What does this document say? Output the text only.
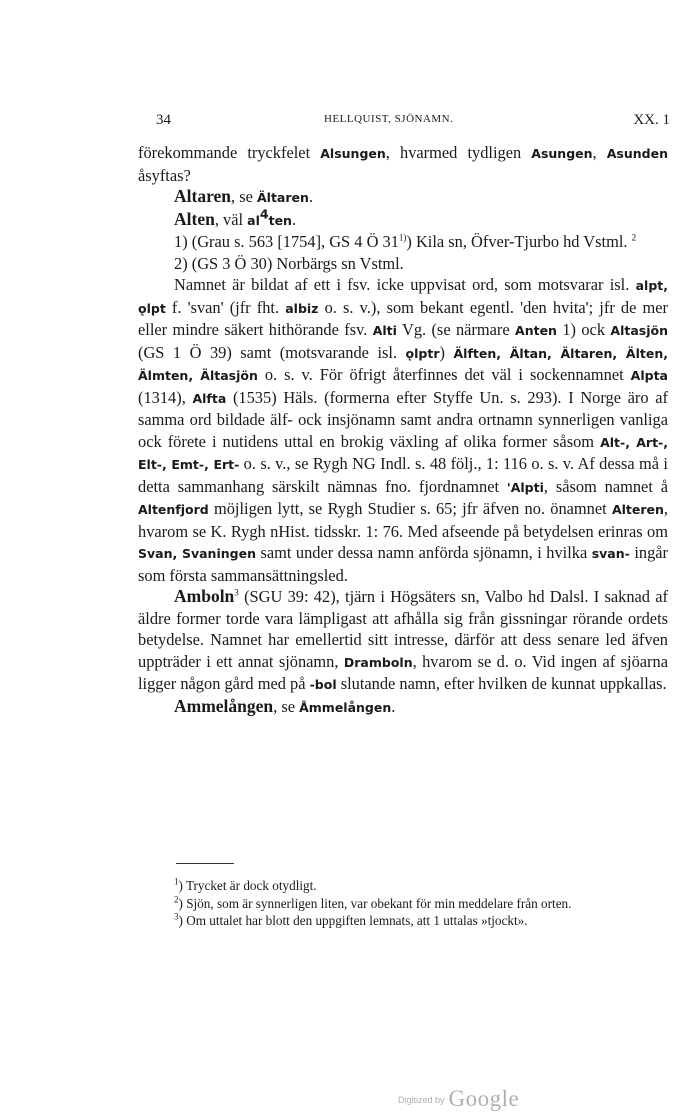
34	HELLQUIST, SJÖNAMN.	XX. 1

förekommande tryckfelet Alsungen, hvarmed tydligen Asungen, Asunden åsyftas?

Altaren, se Ältaren.

Alten, väl $al^4ten$.

1) (Grau s. 563 [1754], GS 4 Ö 31$^{1)}$) Kila sn, Öfver-Tjurbo hd Vstml. $^2$

2) (GS 3 Ö 30) Norbärgs sn Vstml.

Namnet är bildat af ett i fsv. icke uppvisat ord, som motsvarar isl. alpt, ǫlpt f. 'svan' (jfr fht. albiz o. s. v.), som bekant egentl. 'den hvita'; jfr de mer eller mindre säkert hithörande fsv. Alti Vg. (se närmare Anten 1) ock Altasjön (GS 1 Ö 39) samt (motsvarande isl. ǫlptr) Älften, Ältan, Ältaren, Älten, Älmten, Ältasjön o. s. v. För öfrigt återfinnes det väl i sockennamnet Alpta (1314), Alfta (1535) Häls. (formerna efter Styffe Un. s. 293). I Norge äro af samma ord bildade älf- ock insjönamn samt andra ortnamn synnerligen vanliga ock förete i nutidens uttal en brokig växling af olika former såsom Alt-, Art-, Elt-, Emt-, Ert- o. s. v., se Rygh NG Indl. s. 48 följ., 1: 116 o. s. v. Af dessa må i detta sammanhang särskilt nämnas fno. fjordnamnet 'Alpti, såsom namnet å Altenfjord möjligen lytt, se Rygh Studier s. 65; jfr äfven no. önamnet Alteren, hvarom se K. Rygh nHist. tidsskr. 1: 76. Med afseende på betydelsen erinras om Svan, Svaningen samt under dessa namn anförda sjönamn, i hvilka svan- ingår som första sammansättningsled.

Amboln$^3$ (SGU 39: 42), tjärn i Högsäters sn, Valbo hd Dalsl. I saknad af äldre former torde vara lämpligast att afhålla sig från gissningar rörande ordets betydelse. Namnet har emellertid sitt intresse, därför att dess senare led äfven uppträder i ett annat sjönamn, Dramboln, hvarom se d. o. Vid ingen af sjöarna ligger någon gård med på -bol slutande namn, efter hvilken de kunnat uppkallas.

Ammelången, se Åmmelången.

$^1$) Trycket är dock otydligt.

$^2$) Sjön, som är synnerligen liten, var obekant för min meddelare från orten.

$^3$) Om uttalet har blott den uppgiften lemnats, att 1 uttalas »tjockt».

Digitized by Google
